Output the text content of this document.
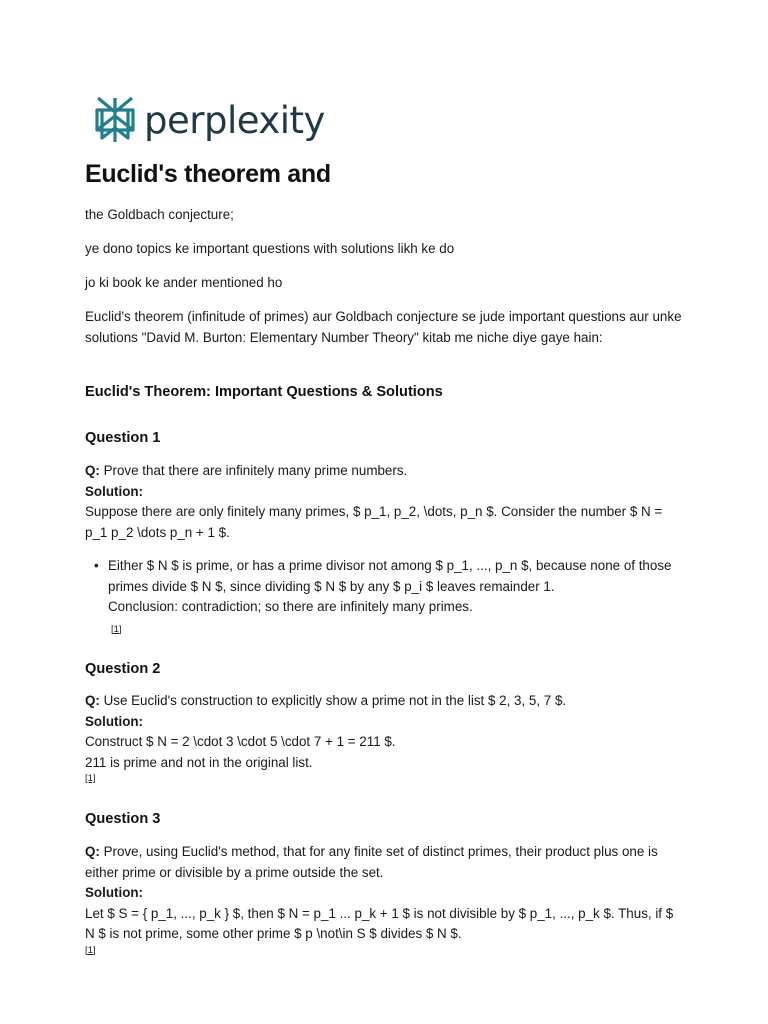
perplexity
Euclid's theorem and

the Goldbach conjecture;

ye dono topics ke important questions with solutions likh ke do

jo ki book ke ander mentioned ho

Euclid's theorem (infinitude of primes) aur Goldbach conjecture se jude important questions aur unke solutions "David M. Burton: Elementary Number Theory" kitab me niche diye gaye hain:

Euclid's Theorem: Important Questions & Solutions
Question 1
Q: Prove that there are infinitely many prime numbers.
Solution:
Suppose there are only finitely many primes, $ p_1, p_2, \dots, p_n $. Consider the number $ N = p_1 p_2 \dots p_n + 1 $.
• Either $ N $ is prime, or has a prime divisor not among $ p_1, ..., p_n $, because none of those primes divide $ N $, since dividing $ N $ by any $ p_i $ leaves remainder 1.
Conclusion: contradiction; so there are infinitely many primes.
[1]
Question 2
Q: Use Euclid's construction to explicitly show a prime not in the list $ 2, 3, 5, 7 $.
Solution:
Construct $ N = 2 \cdot 3 \cdot 5 \cdot 7 + 1 = 211 $.
211 is prime and not in the original list.
[1]
Question 3
Q: Prove, using Euclid's method, that for any finite set of distinct primes, their product plus one is either prime or divisible by a prime outside the set.
Solution:
Let $ S = { p_1, ..., p_k } $, then $ N = p_1 ... p_k + 1 $ is not divisible by $ p_1, ..., p_k $. Thus, if $ N $ is not prime, some other prime $ p \not\in S $ divides $ N $.
[1]
